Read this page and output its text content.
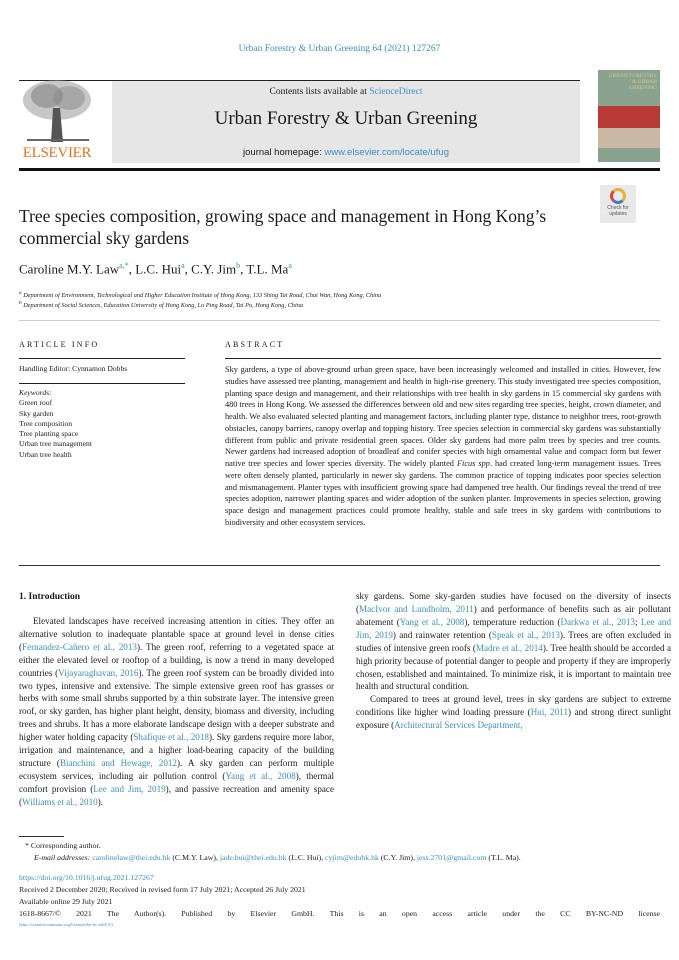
Urban Forestry & Urban Greening 64 (2021) 127267
ELSEVIER
Contents lists available at ScienceDirect
Urban Forestry & Urban Greening
journal homepage: www.elsevier.com/locate/ufug
URBAN FORESTRY & URBAN GREENING
Check for updates
Tree species composition, growing space and management in Hong Kong’s commercial sky gardens
Caroline M.Y. Law$^{a,*}$, L.C. Hui$^a$, C.Y. Jim$^b$, T.L. Ma$^a$
$^a$ Department of Environment, Technological and Higher Education Institute of Hong Kong, 133 Shing Tai Road, Chai Wan, Hong Kong, China
$^b$ Department of Social Sciences, Education University of Hong Kong, Lo Ping Road, Tai Po, Hong Kong, China
ARTICLE INFO
Handling Editor: Cynnamon Dobbs
Keywords:
Green roof
Sky garden
Tree composition
Tree planting space
Urban tree management
Urban tree health
ABSTRACT
Sky gardens, a type of above-ground urban green space, have been increasingly welcomed and installed in cities. However, few studies have assessed tree planting, management and health in high-rise greenery. This study investigated tree species composition, planting space design and management, and their relationships with tree health in sky gardens in 15 commercial sky gardens with 480 trees in Hong Kong. We assessed the differences between old and new sites regarding tree species, height, crown diameter, and health. We also evaluated selected planting and management factors, including planter type, distance to neighbor trees, root-growth obstacles, canopy barriers, canopy overlap and topping history. Tree species selection in commercial sky gardens was substantially different from public and private residential green spaces. Older sky gardens had more palm trees by species and tree counts. Newer gardens had increased adoption of broadleaf and conifer species with high ornamental value and compact form but fewer native tree species and lower species diversity. The widely planted Ficus spp. had created long-term management issues. Trees were often densely planted, particularly in newer sky gardens. The common practice of topping indicates poor species selection and mismanagement. Planter types with insufficient growing space had dampened tree health. Our findings reveal the trend of tree species adoption, narrower planting spaces and wider adoption of the sunken planter. Improvements in species selection, growing space design and management practices could promote healthy, stable and safe trees in sky gardens with contributions to biodiversity and other ecosystem services.
1. Introduction

Elevated landscapes have received increasing attention in cities. They offer an alternative solution to inadequate plantable space at ground level in dense cities (Fernandez-Cañero et al., 2013). The green roof, referring to a vegetated space at either the elevated level or rooftop of a building, is now a trend in many developed countries (Vijayaraghavan, 2016). The green roof system can be broadly divided into two types, intensive and extensive. The simple extensive green roof has grasses or herbs with some small shrubs supported by a thin substrate layer. The intensive green roof, or sky garden, has higher plant height, density, biomass and diversity, including trees and shrubs. It has a more elaborate landscape design with a deeper substrate and higher water holding capacity (Shafique et al., 2018). Sky gardens require more labor, irrigation and maintenance, and a higher load-bearing capacity of the building structure (Bianchini and Hewage, 2012). A sky garden can perform multiple ecosystem services, including air pollution control (Yang et al., 2008), thermal comfort provision (Lee and Jim, 2019), and passive recreation and amenity space (Williams et al., 2010).

sky gardens. Some sky-garden studies have focused on the diversity of insects (MacIvor and Lundholm, 2011) and performance of benefits such as air pollutant abatement (Yang et al., 2008), temperature reduction (Darkwa et al., 2013; Lee and Jim, 2019) and rainwater retention (Speak et al., 2013). Trees are often excluded in studies of intensive green roofs (Madre et al., 2014). Tree health should be accorded a high priority because of potential danger to people and property if they are improperly chosen, established and maintained. To minimize risk, it is important to maintain tree health and structural condition.

Compared to trees at ground level, trees in sky gardens are subject to extreme conditions like higher wind loading pressure (Hui, 2011) and strong direct sunlight exposure (Architectural Services Department,

* Corresponding author.
E-mail addresses: carolinelaw@thei.edu.hk (C.M.Y. Law), jade.hui@thei.edu.hk (L.C. Hui), cyjim@eduhk.hk (C.Y. Jim), jess.2701@gmail.com (T.L. Ma).
https://doi.org/10.1016/j.ufug.2021.127267
Received 2 December 2020; Received in revised form 17 July 2021; Accepted 26 July 2021
Available online 29 July 2021
1618-8667/© 2021 The Author(s). Published by Elsevier GmbH. This is an open access article under the CC BY-NC-ND license
(http://creativecommons.org/licenses/by-nc-nd/4.0/).
